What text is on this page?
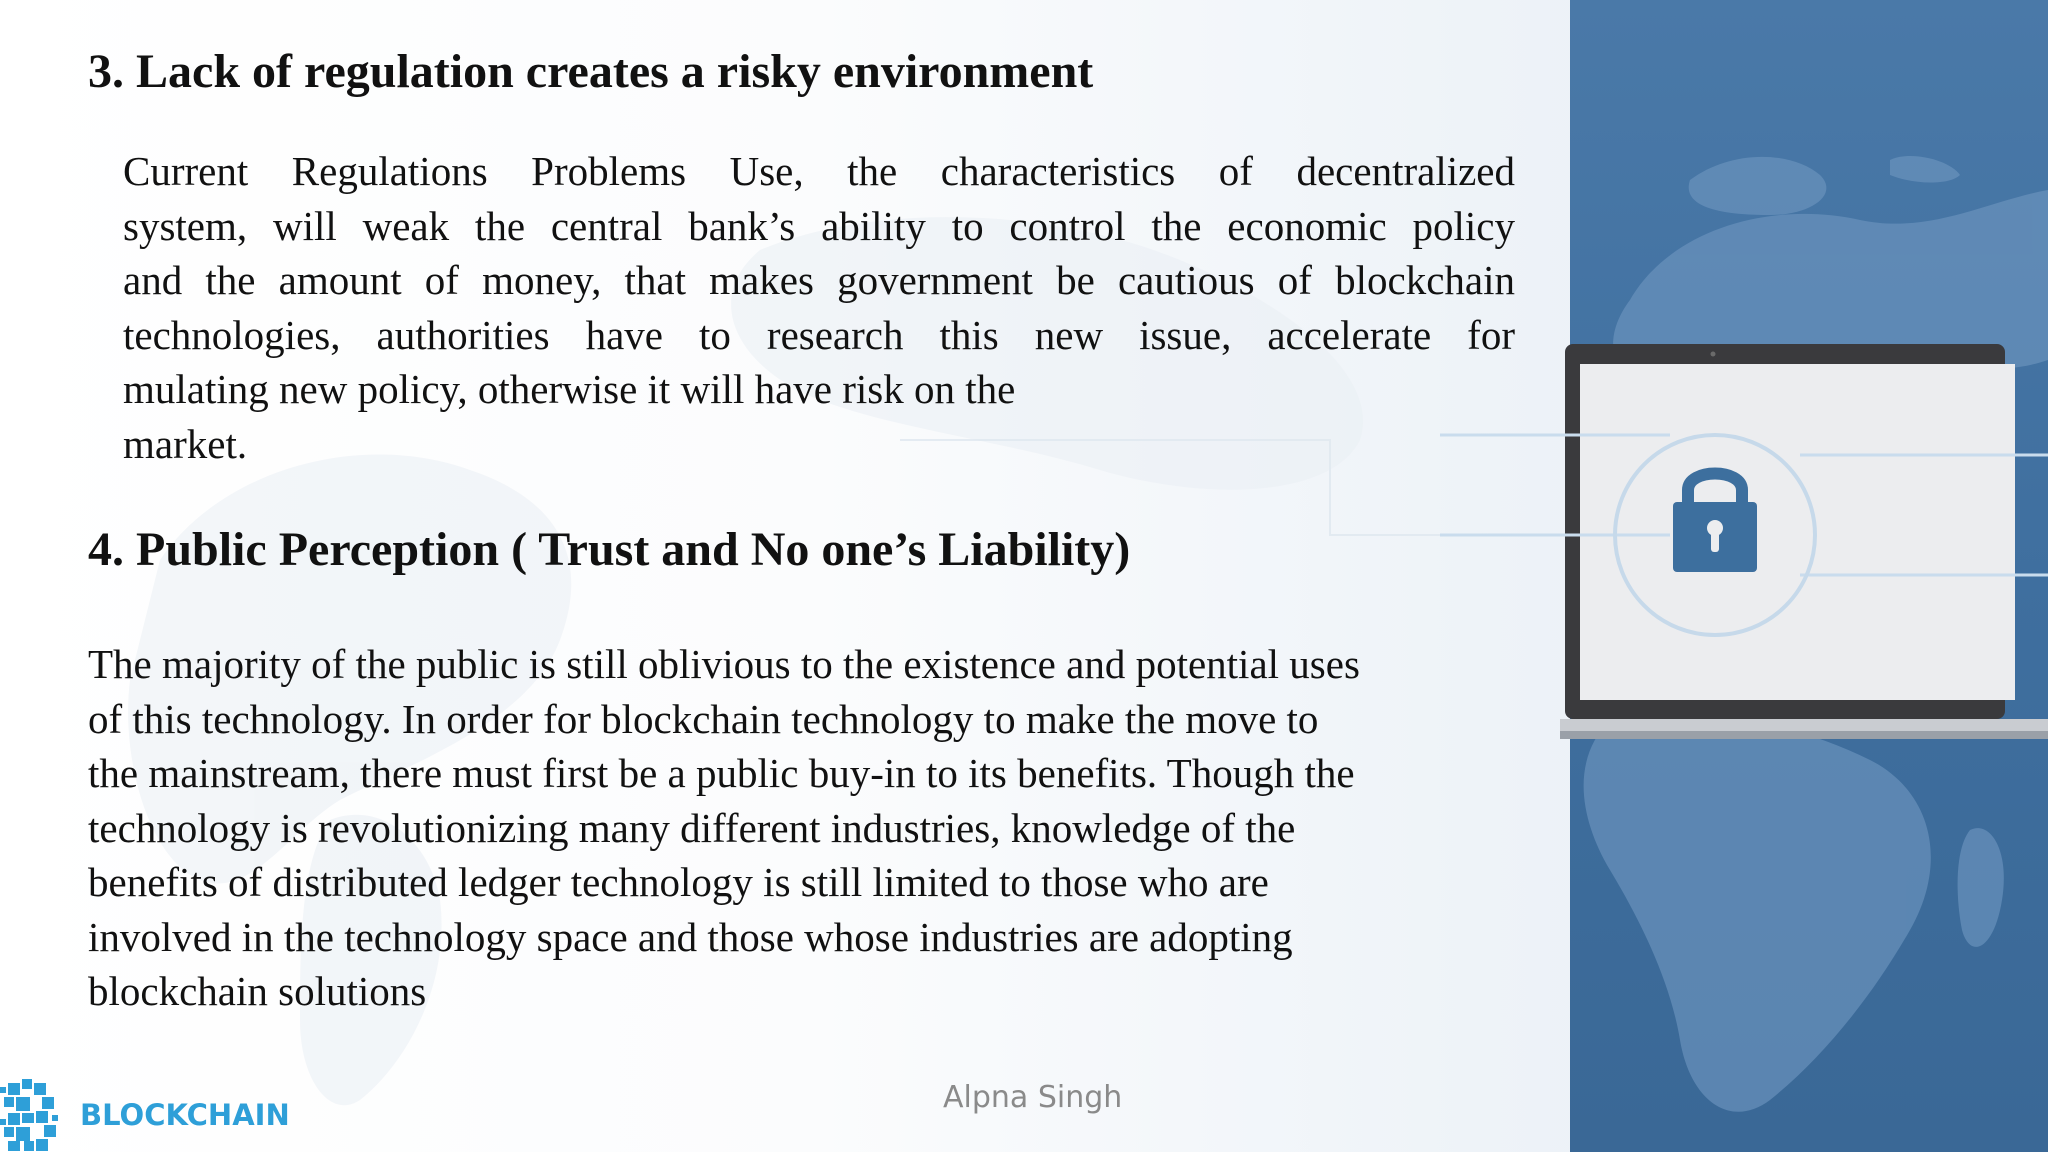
3. Lack of regulation creates a risky environment
Current Regulations Problems Use, the characteristics of decentralized
system, will weak the central bank’s ability to control the economic policy
and the amount of money, that makes government be cautious of blockchain
technologies, authorities have to research this new issue, accelerate for
mulating new policy, otherwise it will have risk on the
market.
4. Public Perception ( Trust and No one’s Liability)
The majority of the public is still oblivious to the existence and potential uses
of this technology. In order for blockchain technology to make the move to
the mainstream, there must first be a public buy-in to its benefits. Though the
technology is revolutionizing many different industries, knowledge of the
benefits of distributed ledger technology is still limited to those who are
involved in the technology space and those whose industries are adopting
blockchain solutions
Alpna Singh
BLOCKCHAIN
